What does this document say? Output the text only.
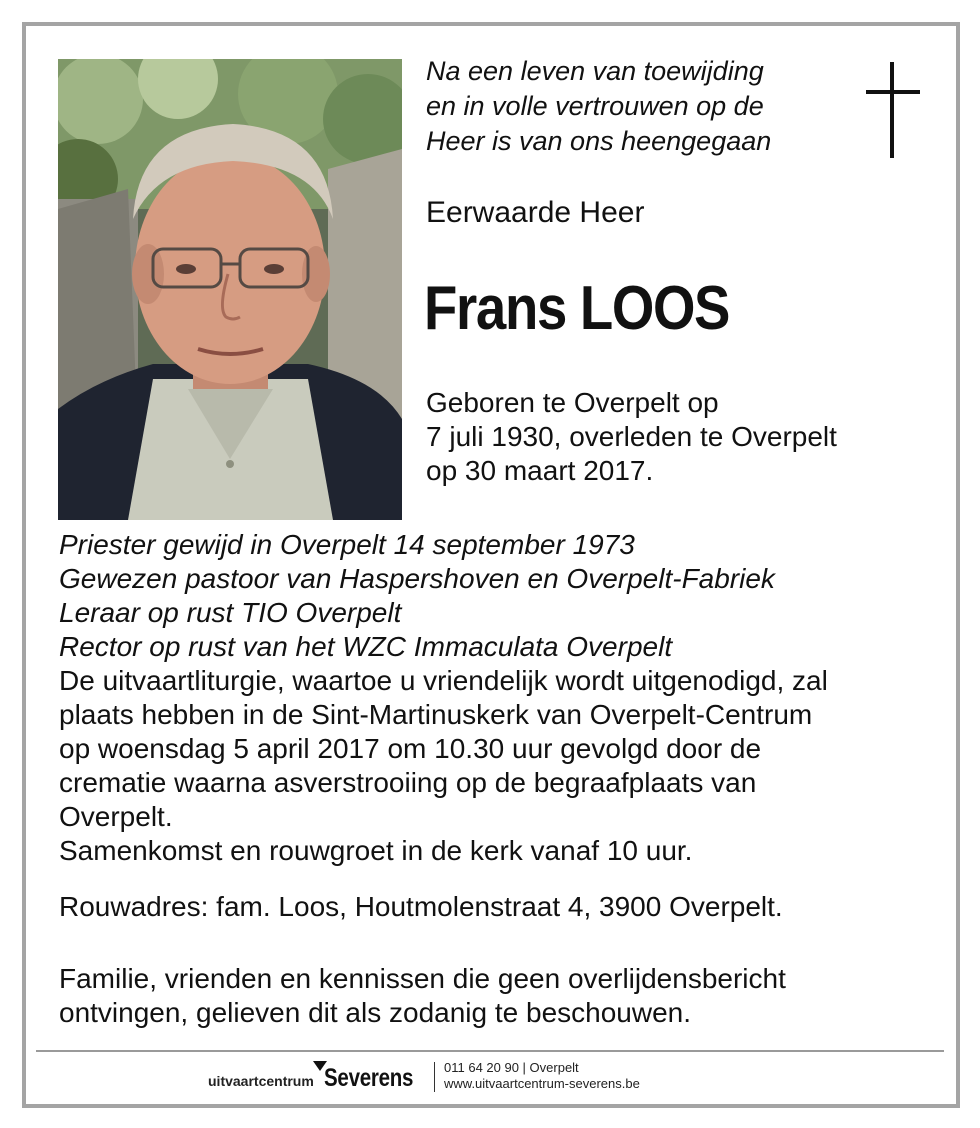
Na een leven van toewijding
en in volle vertrouwen op de
Heer is van ons heengegaan
Eerwaarde Heer
Frans LOOS
Geboren te Overpelt op
7 juli 1930, overleden te Overpelt
op 30 maart 2017.
Priester gewijd in Overpelt 14 september 1973
Gewezen pastoor van Haspershoven en Overpelt-Fabriek
Leraar op rust TIO Overpelt
Rector op rust van het WZC Immaculata Overpelt
De uitvaartliturgie, waartoe u vriendelijk wordt uitgenodigd, zal
plaats hebben in de Sint-Martinuskerk van Overpelt-Centrum
op woensdag 5 april 2017 om 10.30 uur gevolgd door de
crematie waarna asverstrooiing op de begraafplaats van
Overpelt.
Samenkomst en rouwgroet in de kerk vanaf 10 uur.
Rouwadres: fam. Loos, Houtmolenstraat 4, 3900 Overpelt.
Familie, vrienden en kennissen die geen overlijdensbericht
ontvingen, gelieven dit als zodanig te beschouwen.
uitvaartcentrum Severens 011 64 20 90 | Overpelt
www.uitvaartcentrum-severens.be
